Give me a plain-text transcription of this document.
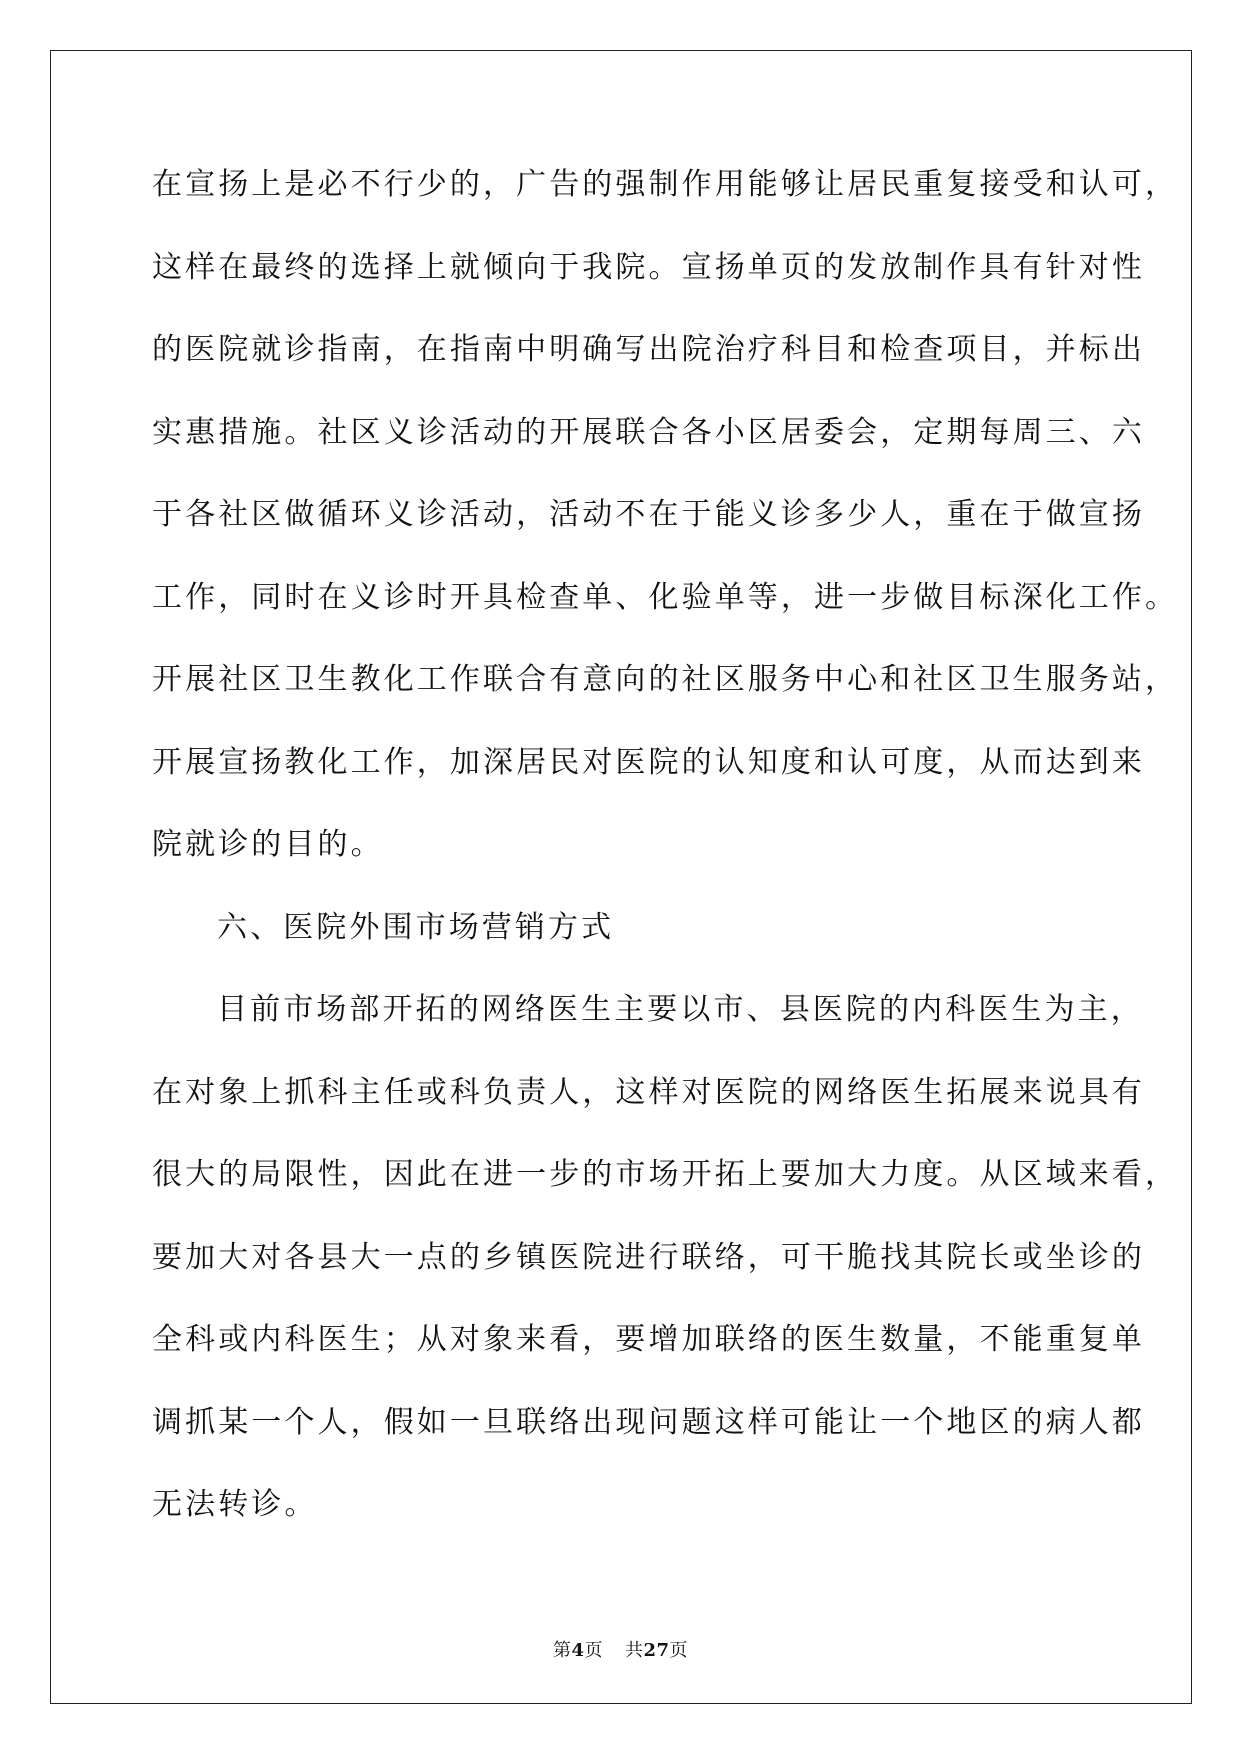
在宣扬上是必不行少的，广告的强制作用能够让居民重复接受和认可，
这样在最终的选择上就倾向于我院。宣扬单页的发放制作具有针对性
的医院就诊指南，在指南中明确写出院治疗科目和检查项目，并标出
实惠措施。社区义诊活动的开展联合各小区居委会，定期每周三、六
于各社区做循环义诊活动，活动不在于能义诊多少人，重在于做宣扬
工作，同时在义诊时开具检查单、化验单等，进一步做目标深化工作。
开展社区卫生教化工作联合有意向的社区服务中心和社区卫生服务站，
开展宣扬教化工作，加深居民对医院的认知度和认可度，从而达到来
院就诊的目的。
六、医院外围市场营销方式
目前市场部开拓的网络医生主要以市、县医院的内科医生为主，
在对象上抓科主任或科负责人，这样对医院的网络医生拓展来说具有
很大的局限性，因此在进一步的市场开拓上要加大力度。从区域来看，
要加大对各县大一点的乡镇医院进行联络，可干脆找其院长或坐诊的
全科或内科医生；从对象来看，要增加联络的医生数量，不能重复单
调抓某一个人，假如一旦联络出现问题这样可能让一个地区的病人都
无法转诊。
第4页 共27页
